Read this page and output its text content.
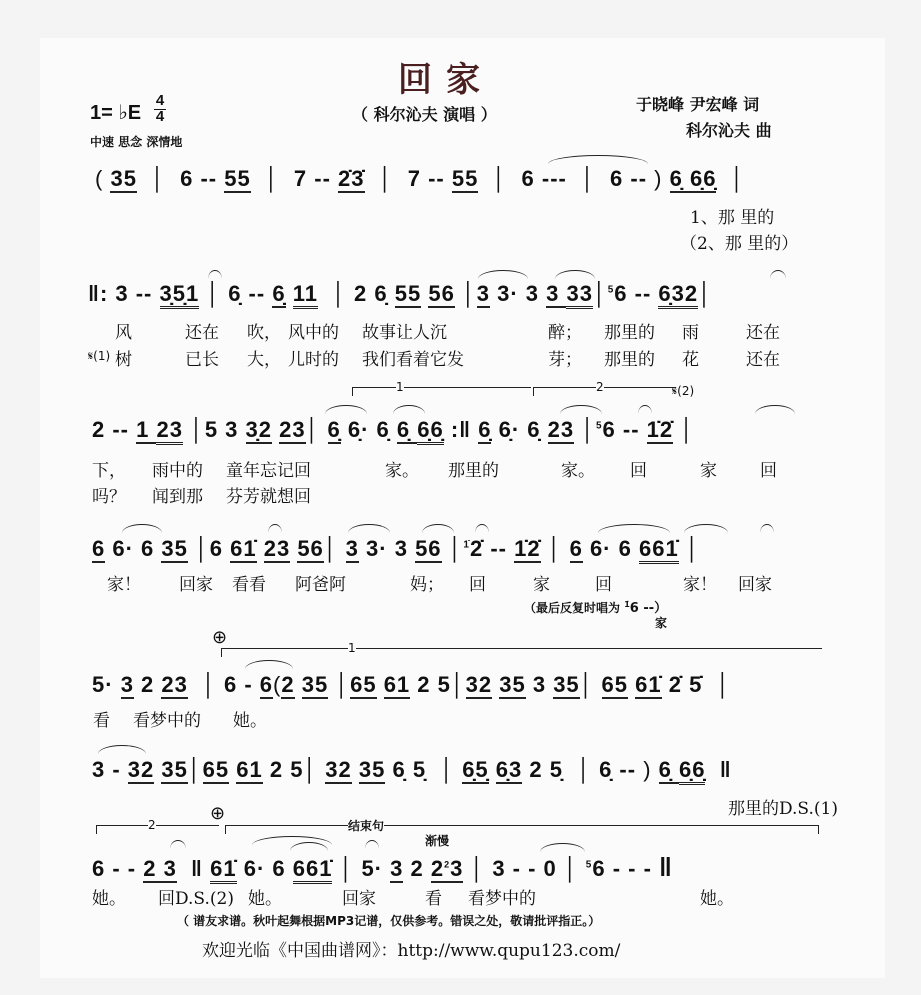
回家
（ 科尔沁夫 演唱 ）
于晓峰 尹宏峰 词
科尔沁夫 曲
1= ♭E
4
4
中速 思念 深情地
( 35  │  6 -- 55  │  7 -- 2̇3̇  │  7 -- 55  │  6 ---  │  6 -- ) 6̣ 6̣6̣  │
1、那 里的
（2、那 里的）
‖: 3 -- 3̣5̣1 │ 6̣ -- 6̣ 11  │ 2 6̣ 55 56 │3 3· 3 3 33│$^5$6 -- 6̣32│
风	还在 吹， 风中的 故事让人沉	醉； 那里的 雨	还在
𝄋(1) 树	已长 大， 儿时的 我们看着它发	芽； 那里的 花	还在
1	2	𝄋(2)
2 -- 1 23 │5 3 3̣2 23│ 6̣ 6̣· 6̣ 6̣ 6̣6̣ :‖ 6̣ 6̣· 6̣ 23 │$^5$6 -- 1̇2̇ │
下， 雨中的 童年忘记回	家。 那里的	家。 回	家	回
吗？ 闻到那 芬芳就想回
6 6· 6 35 │6 61̇ 23 56│ 3 3· 3 56 │$^{1̇}$2̇ -- 1̇2̇ │ 6 6· 6 661̇ │
家！ 回家 看看 阿爸阿	妈； 回	家	回	家！ 回家
（最后反复时唱为 $^{1̇}$6 --）
家
⊕
1
5· 3 2 23  │ 6 - 6(2 35 │65 61 2 5│32 35 3 35│ 65 61̇ 2̇ 5̇  │
看 看梦中的 她。
3 - 32 35│65 61 2 5│ 32 35 6̣ 5̣  │ 6̣5̣ 6̣3 2 5̣  │ 6̣ -- ) 6̣ 6̣6̣  ‖
那里的D.S.(1)
2
⊕
结束句
渐慢
6 - - 2 3  ‖ 61̇ 6· 6 661̇ │ 5· 3 2 $2^23$ │ 3 - - 0 │ $^5$6 - - - ‖
她。 回D.S.(2) 她。	回家	看 看梦中的	她。
（ 谱友求谱。秋叶起舞根据MP3记谱，仅供参考。错误之处，敬请批评指正。）
欢迎光临《中国曲谱网》：http://www.qupu123.com/
